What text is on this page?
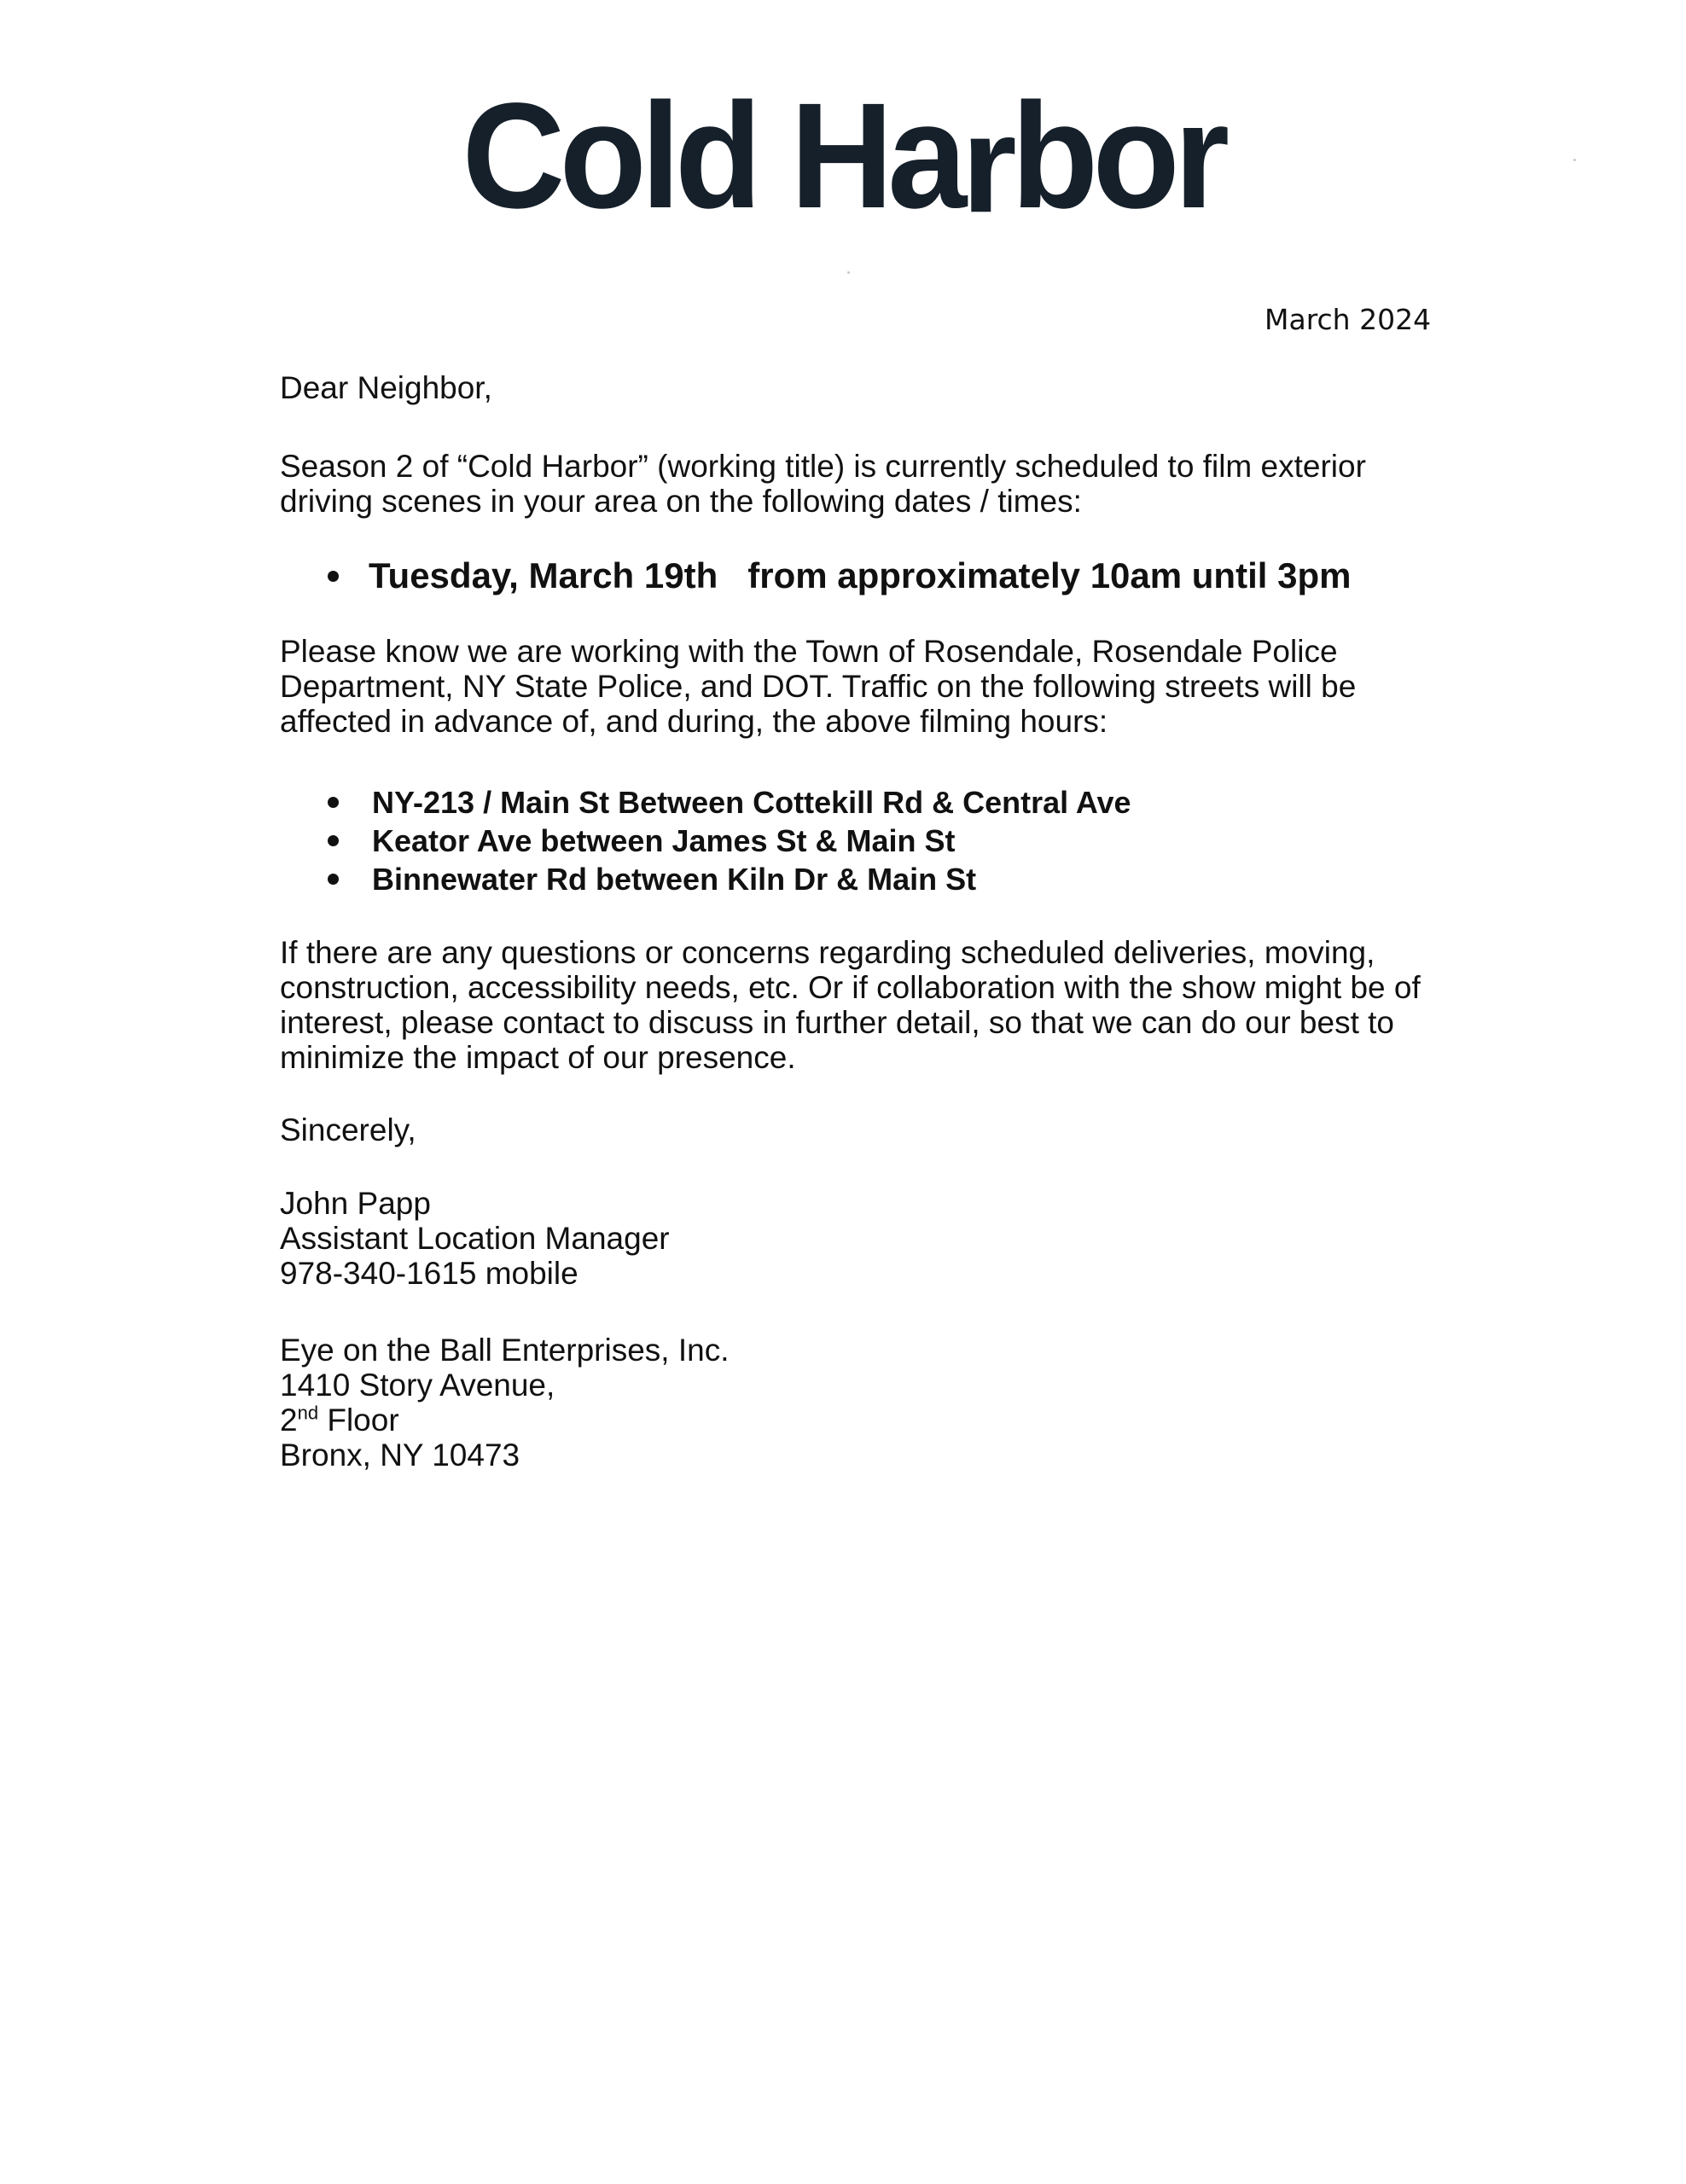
Cold Harbor
March 2024
Dear Neighbor,
Season 2 of “Cold Harbor” (working title) is currently scheduled to film exterior driving scenes in your area on the following dates / times:
Tuesday, March 19th from approximately 10am until 3pm
Please know we are working with the Town of Rosendale, Rosendale Police Department, NY State Police, and DOT. Traffic on the following streets will be affected in advance of, and during, the above filming hours:
NY-213 / Main St Between Cottekill Rd & Central Ave
Keator Ave between James St & Main St
Binnewater Rd between Kiln Dr & Main St
If there are any questions or concerns regarding scheduled deliveries, moving, construction, accessibility needs, etc. Or if collaboration with the show might be of interest, please contact to discuss in further detail, so that we can do our best to minimize the impact of our presence.
Sincerely,
John Papp
Assistant Location Manager
978-340-1615 mobile
Eye on the Ball Enterprises, Inc.
1410 Story Avenue,
2nd Floor
Bronx, NY 10473
